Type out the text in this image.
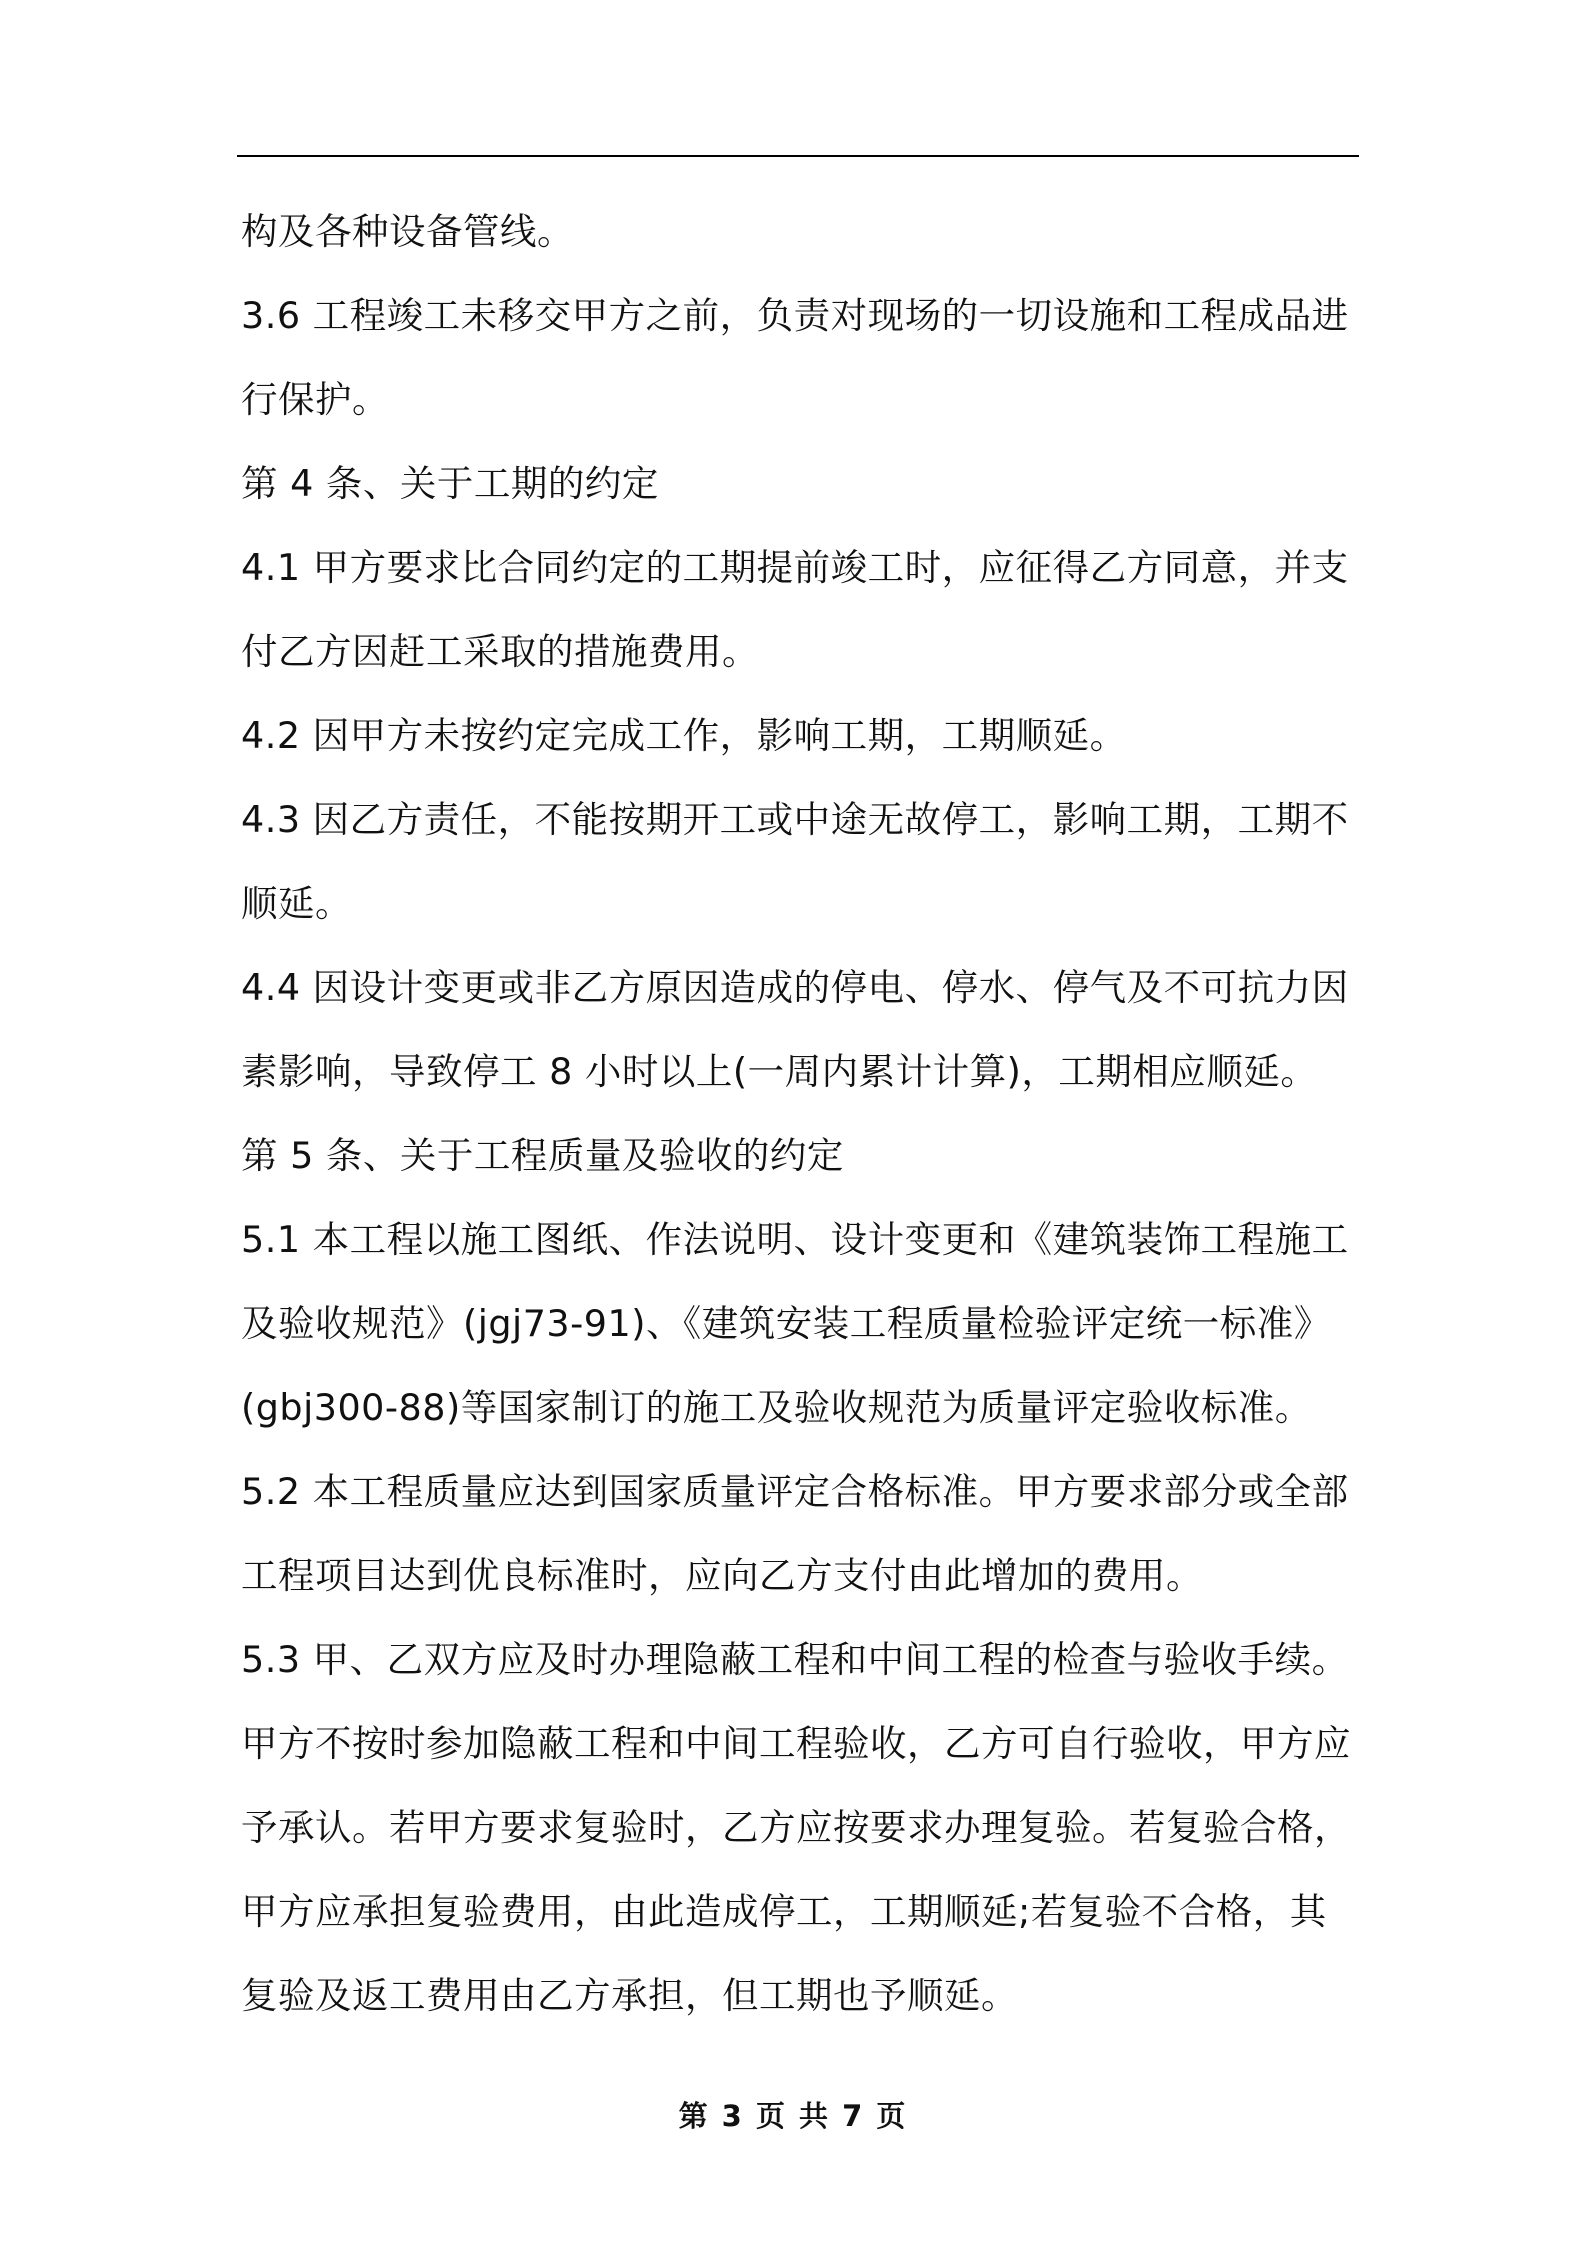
构及各种设备管线。
3.6 工程竣工未移交甲方之前，负责对现场的一切设施和工程成品进
行保护。
第 4 条、关于工期的约定
4.1 甲方要求比合同约定的工期提前竣工时，应征得乙方同意，并支
付乙方因赶工采取的措施费用。
4.2 因甲方未按约定完成工作，影响工期，工期顺延。
4.3 因乙方责任，不能按期开工或中途无故停工，影响工期，工期不
顺延。
4.4 因设计变更或非乙方原因造成的停电、停水、停气及不可抗力因
素影响，导致停工 8 小时以上(一周内累计计算)，工期相应顺延。
第 5 条、关于工程质量及验收的约定
5.1 本工程以施工图纸、作法说明、设计变更和《建筑装饰工程施工
及验收规范》(jgj73-91)、《建筑安装工程质量检验评定统一标准》
(gbj300-88)等国家制订的施工及验收规范为质量评定验收标准。
5.2 本工程质量应达到国家质量评定合格标准。甲方要求部分或全部
工程项目达到优良标准时，应向乙方支付由此增加的费用。
5.3 甲、乙双方应及时办理隐蔽工程和中间工程的检查与验收手续。
甲方不按时参加隐蔽工程和中间工程验收，乙方可自行验收，甲方应
予承认。若甲方要求复验时，乙方应按要求办理复验。若复验合格，
甲方应承担复验费用，由此造成停工，工期顺延;若复验不合格，其
复验及返工费用由乙方承担，但工期也予顺延。
第 3 页 共 7 页
